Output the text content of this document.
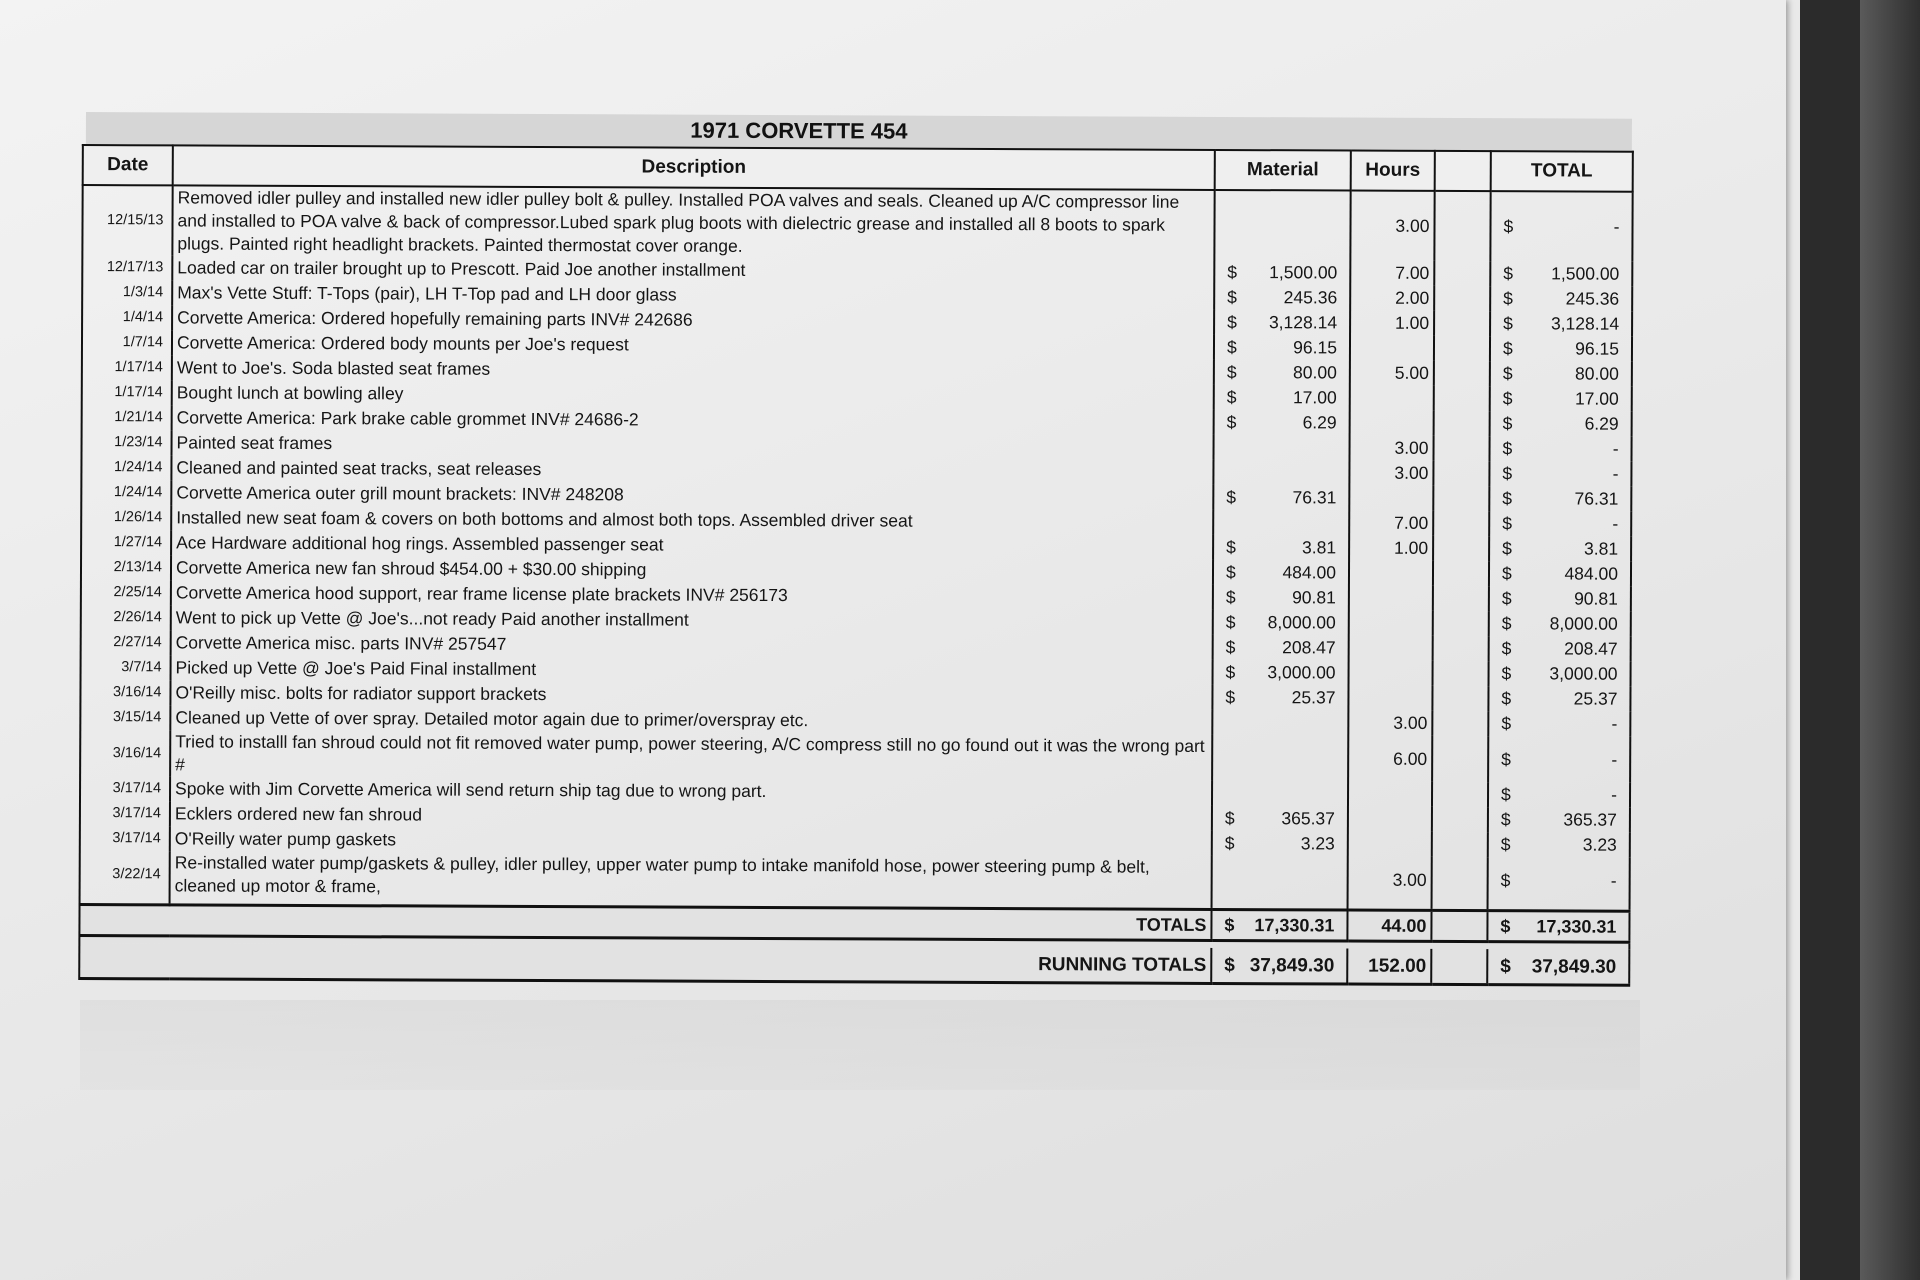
1971 CORVETTE 454
Date	Description	Material	Hours		TOTAL
12/15/13	Removed idler pulley and installed new idler pulley bolt & pulley. Installed POA valves and seals. Cleaned up A/C compressor line and installed to POA valve & back of compressor.Lubed spark plug boots with dielectric grease and installed all 8 boots to spark plugs. Painted right headlight brackets. Painted thermostat cover orange.		3.00		$ -

12/17/13	Loaded car on trailer brought up to Prescott. Paid Joe another installment	$ 1,500.00	7.00		$ 1,500.00

1/3/14	Max's Vette Stuff: T-Tops (pair), LH T-Top pad and LH door glass	$ 245.36	2.00		$ 245.36

1/4/14	Corvette America: Ordered hopefully remaining parts INV# 242686	$ 3,128.14	1.00		$ 3,128.14

1/7/14	Corvette America: Ordered body mounts per Joe's request	$ 96.15			$ 96.15

1/17/14	Went to Joe's. Soda blasted seat frames	$ 80.00	5.00		$ 80.00

1/17/14	Bought lunch at bowling alley	$ 17.00			$ 17.00

1/21/14	Corvette America: Park brake cable grommet INV# 24686-2	$ 6.29			$ 6.29

1/23/14	Painted seat frames		3.00		$ -

1/24/14	Cleaned and painted seat tracks, seat releases		3.00		$ -

1/24/14	Corvette America outer grill mount brackets: INV# 248208	$ 76.31			$ 76.31

1/26/14	Installed new seat foam & covers on both bottoms and almost both tops. Assembled driver seat		7.00		$ -

1/27/14	Ace Hardware additional hog rings. Assembled passenger seat	$ 3.81	1.00		$ 3.81

2/13/14	Corvette America new fan shroud $454.00 + $30.00 shipping	$ 484.00			$ 484.00

2/25/14	Corvette America hood support, rear frame license plate brackets INV# 256173	$ 90.81			$ 90.81

2/26/14	Went to pick up Vette @ Joe's...not ready Paid another installment	$ 8,000.00			$ 8,000.00

2/27/14	Corvette America misc. parts INV# 257547	$ 208.47			$ 208.47

3/7/14	Picked up Vette @ Joe's Paid Final installment	$ 3,000.00			$ 3,000.00

3/16/14	O'Reilly misc. bolts for radiator support brackets	$ 25.37			$ 25.37

3/15/14	Cleaned up Vette of over spray. Detailed motor again due to primer/overspray etc.		3.00		$ -

3/16/14	Tried to installl fan shroud could not fit removed water pump, power steering, A/C compress still no go found out it was the wrong part #		6.00		$ -

3/17/14	Spoke with Jim Corvette America will send return ship tag due to wrong part.				$ -

3/17/14	Ecklers ordered new fan shroud	$ 365.37			$ 365.37

3/17/14	O'Reilly water pump gaskets	$ 3.23			$ 3.23

3/22/14	Re-installed water pump/gaskets & pulley, idler pulley, upper water pump to intake manifold hose, power steering pump & belt, cleaned up motor & frame,		3.00		$ -

TOTALS		$ 17,330.31	44.00		$ 17,330.31

RUNNING TOTALS		$ 37,849.30	152.00		$ 37,849.30
